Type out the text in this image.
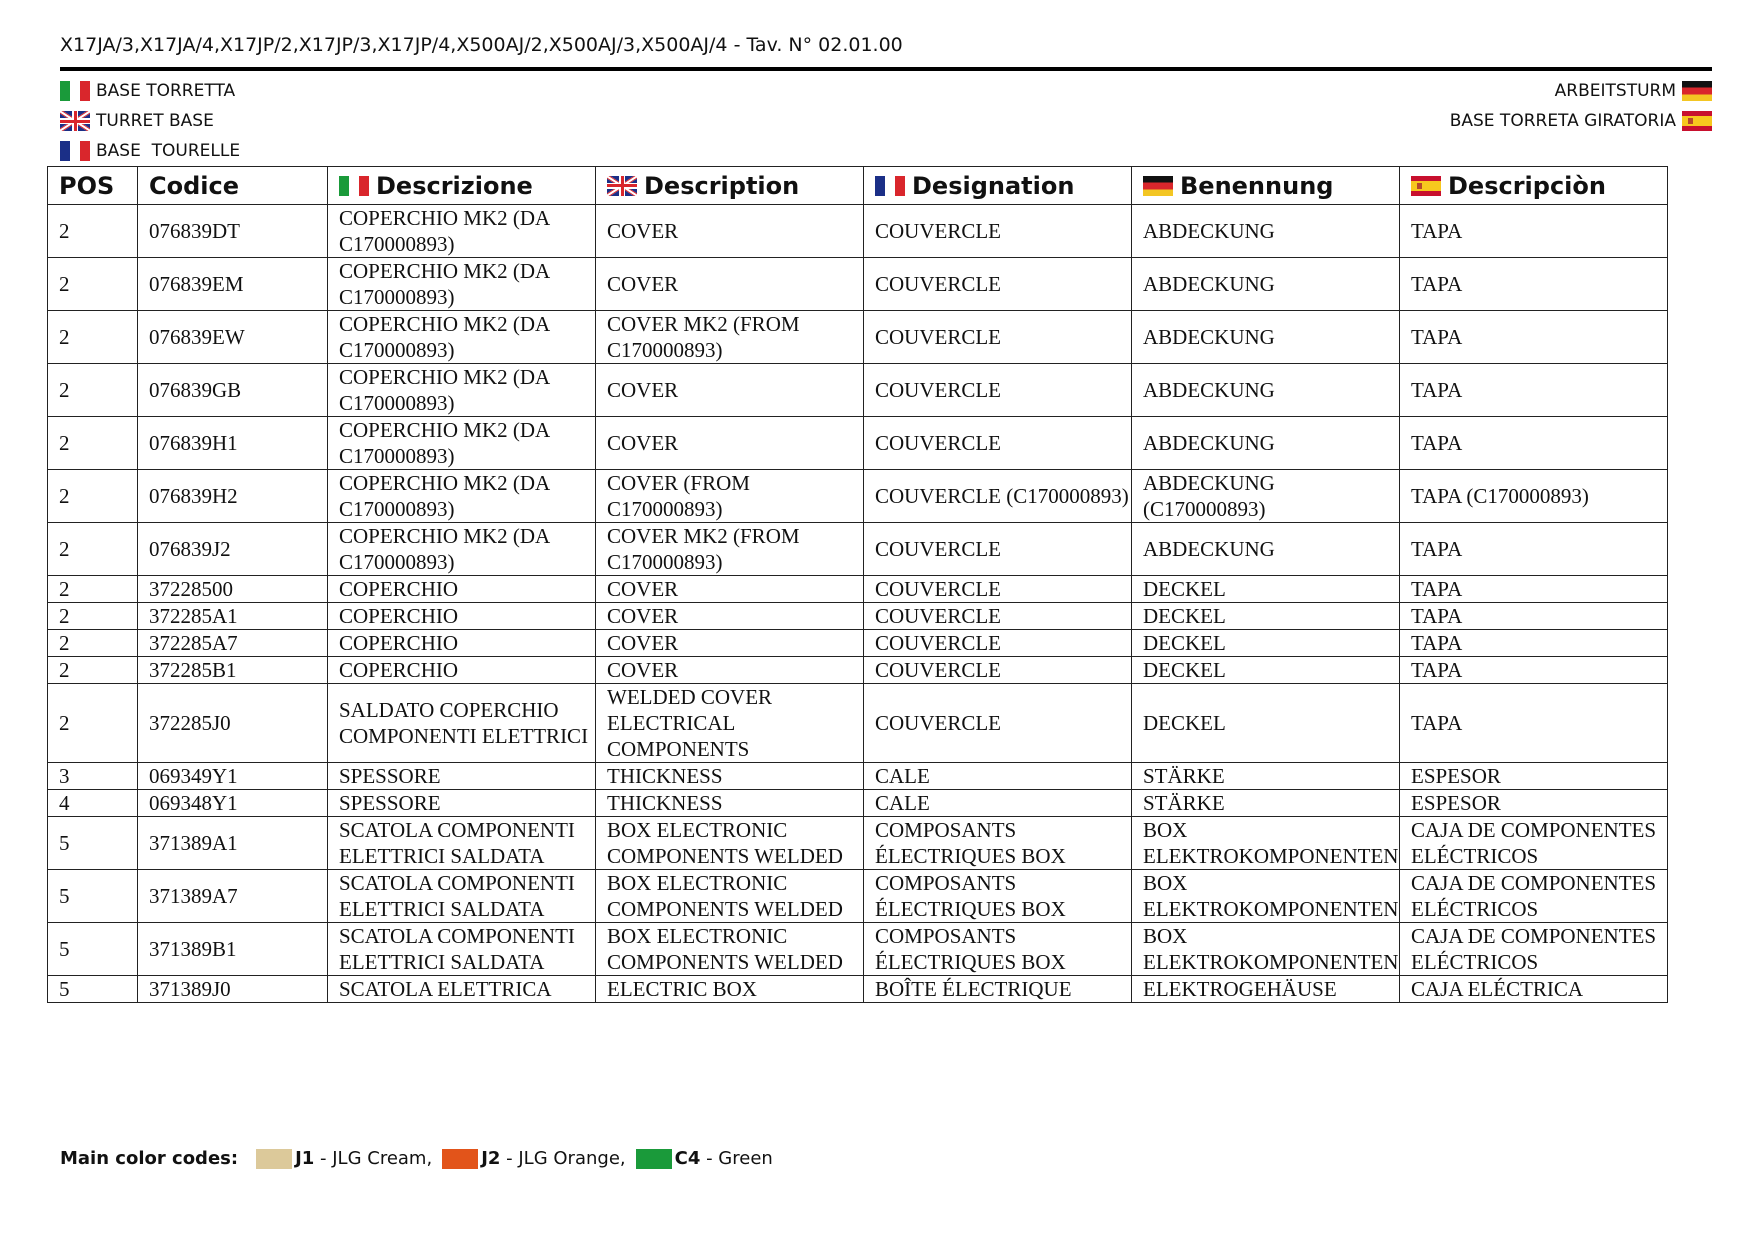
X17JA/3,X17JA/4,X17JP/2,X17JP/3,X17JP/4,X500AJ/2,X500AJ/3,X500AJ/4 - Tav. N° 02.01.00
BASE TORRETTA
TURRET BASE
BASE  TOURELLE
ARBEITSTURM
BASE TORRETA GIRATORIA
POS	Codice	Descrizione	Description	Designation	Benennung	Descripciòn

2	076839DT	COPERCHIO MK2 (DA C170000893)	COVER	COUVERCLE	ABDECKUNG	TAPA
2	076839EM	COPERCHIO MK2 (DA C170000893)	COVER	COUVERCLE	ABDECKUNG	TAPA
2	076839EW	COPERCHIO MK2 (DA C170000893)	COVER MK2 (FROM C170000893)	COUVERCLE	ABDECKUNG	TAPA
2	076839GB	COPERCHIO MK2 (DA C170000893)	COVER	COUVERCLE	ABDECKUNG	TAPA
2	076839H1	COPERCHIO MK2 (DA C170000893)	COVER	COUVERCLE	ABDECKUNG	TAPA
2	076839H2	COPERCHIO MK2 (DA C170000893)	COVER (FROM C170000893)	COUVERCLE (C170000893)	ABDECKUNG (C170000893)	TAPA (C170000893)
2	076839J2	COPERCHIO MK2 (DA C170000893)	COVER MK2 (FROM C170000893)	COUVERCLE	ABDECKUNG	TAPA
2	37228500	COPERCHIO	COVER	COUVERCLE	DECKEL	TAPA
2	372285A1	COPERCHIO	COVER	COUVERCLE	DECKEL	TAPA
2	372285A7	COPERCHIO	COVER	COUVERCLE	DECKEL	TAPA
2	372285B1	COPERCHIO	COVER	COUVERCLE	DECKEL	TAPA
2	372285J0	SALDATO COPERCHIO COMPONENTI ELETTRICI	WELDED COVER ELECTRICAL COMPONENTS	COUVERCLE	DECKEL	TAPA
3	069349Y1	SPESSORE	THICKNESS	CALE	STÄRKE	ESPESOR
4	069348Y1	SPESSORE	THICKNESS	CALE	STÄRKE	ESPESOR
5	371389A1	SCATOLA COMPONENTI ELETTRICI SALDATA	BOX ELECTRONIC COMPONENTS WELDED	COMPOSANTS ÉLECTRIQUES BOX	BOX ELEKTROKOMPONENTEN	CAJA DE COMPONENTES ELÉCTRICOS
5	371389A7	SCATOLA COMPONENTI ELETTRICI SALDATA	BOX ELECTRONIC COMPONENTS WELDED	COMPOSANTS ÉLECTRIQUES BOX	BOX ELEKTROKOMPONENTEN	CAJA DE COMPONENTES ELÉCTRICOS
5	371389B1	SCATOLA COMPONENTI ELETTRICI SALDATA	BOX ELECTRONIC COMPONENTS WELDED	COMPOSANTS ÉLECTRIQUES BOX	BOX ELEKTROKOMPONENTEN	CAJA DE COMPONENTES ELÉCTRICOS
5	371389J0	SCATOLA ELETTRICA	ELECTRIC BOX	BOÎTE ÉLECTRIQUE	ELEKTROGEHÄUSE	CAJA ELÉCTRICA
Main color codes:	J1 - JLG Cream,	J2 - JLG Orange,	C4 - Green
